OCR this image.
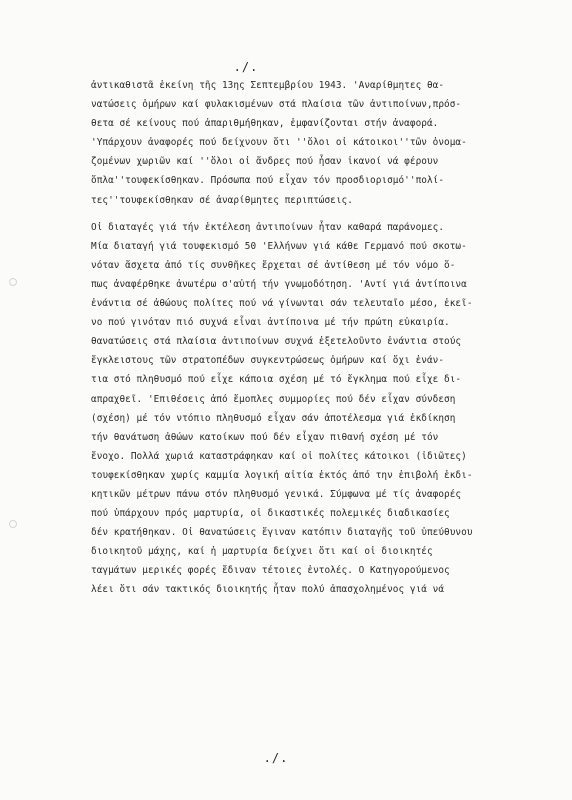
./.
ἀντικαθιστᾶ ἐκείνη τῆς 13ης Σεπτεμβρίου 1943. 'Αναρίθμητες θα-
νατώσεις ὁμήρων καί φυλακισμένων στά πλαίσια τῶν ἀντιποίνων,πρόσ-
θετα σέ κείνους πού ἀπαριθμήθηκαν, ἐμφανίζονται στήν ἀναφορά.
'Υπάρχουν ἀναφορές πού δείχνουν ὅτι ''ὅλοι οἱ κάτοικοι''τῶν ὀνομα-
ζομένων χωριῶν καί ''ὅλοι οἱ ἄνδρες πού ἦσαν ἱκανοί νά φέρουν
ὅπλα''τουφεκίσθηκαν. Πρόσωπα πού εἶχαν τόν προσδιορισμό''πολί-
τες''τουφεκίσθηκαν σέ ἀναρίθμητες περιπτώσεις.
Οἱ διαταγές γιά τήν ἐκτέλεση ἀντιποίνων ἦταν καθαρά παράνομες.
Μία διαταγή γιά τουφεκισμό 50 'Ελλήνων γιά κάθε Γερμανό πού σκοτω-
νόταν ἄσχετα ἀπό τίς συνθῆκες ἔρχεται σέ ἀντίθεση μέ τόν νόμο ὅ-
πως ἀναφέρθηκε ἀνωτέρω σ'αὐτή τήν γνωμοδότηση. 'Αντί γιά ἀντίποινα
ἐνάντια σέ ἀθώους πολίτες πού νά γίνωνται σάν τελευταῖο μέσο, ἐκεῖ-
νο πού γινόταν πιό συχνά εἶναι ἀντίποινα μέ τήν πρώτη εὐκαιρία.
θανατώσεις στά πλαίσια ἀντιποίνων συχνά ἐξετελοῦντο ἐνάντια στούς
ἔγκλειστους τῶν στρατοπέδων συγκεντρώσεως ὁμήρων καί ὄχι ἐνάν-
τια στό πληθυσμό πού εἶχε κάποια σχέση μέ τό ἔγκλημα πού εἶχε δι-
απραχθεῖ. 'Επιθέσεις ἀπό ἔμοπλες συμμορίες πού δέν εἶχαν σύνδεση
(σχέση) μέ τόν ντόπιο πληθυσμό εἶχαν σάν ἀποτέλεσμα γιά ἐκδίκηση
τήν θανάτωση ἀθώων κατοίκων πού δέν εἶχαν πιθανή σχέση μέ τόν
ἔνοχο. Πολλά χωριά καταστράφηκαν καί οἱ πολίτες κάτοικοι (ἰδιῶτες)
τουφεκίσθηκαν χωρίς καμμία λογική αἰτία ἐκτός ἀπό την ἐπιβολή ἐκδι-
κητικῶν μέτρων πάνω στόν πληθυσμό γενικά. Σύμφωνα μέ τίς ἀναφορές
πού ὑπάρχουν πρός μαρτυρία, οἱ δικαστικές πολεμικές διαδικασίες
δέν κρατήθηκαν. Οἱ θανατώσεις ἔγιναν κατόπιν διαταγῆς τοῦ ὑπεύθυνου
διοικητοῦ μάχης, καί ἡ μαρτυρία δείχνει ὅτι καί οἱ διοικητές
ταγμάτων μερικές φορές ἔδιναν τέτοιες ἐντολές. Ο Κατηγορούμενος
λέει ὅτι σάν τακτικός διοικητής ἦταν πολύ ἀπασχολημένος γιά νά
./.
